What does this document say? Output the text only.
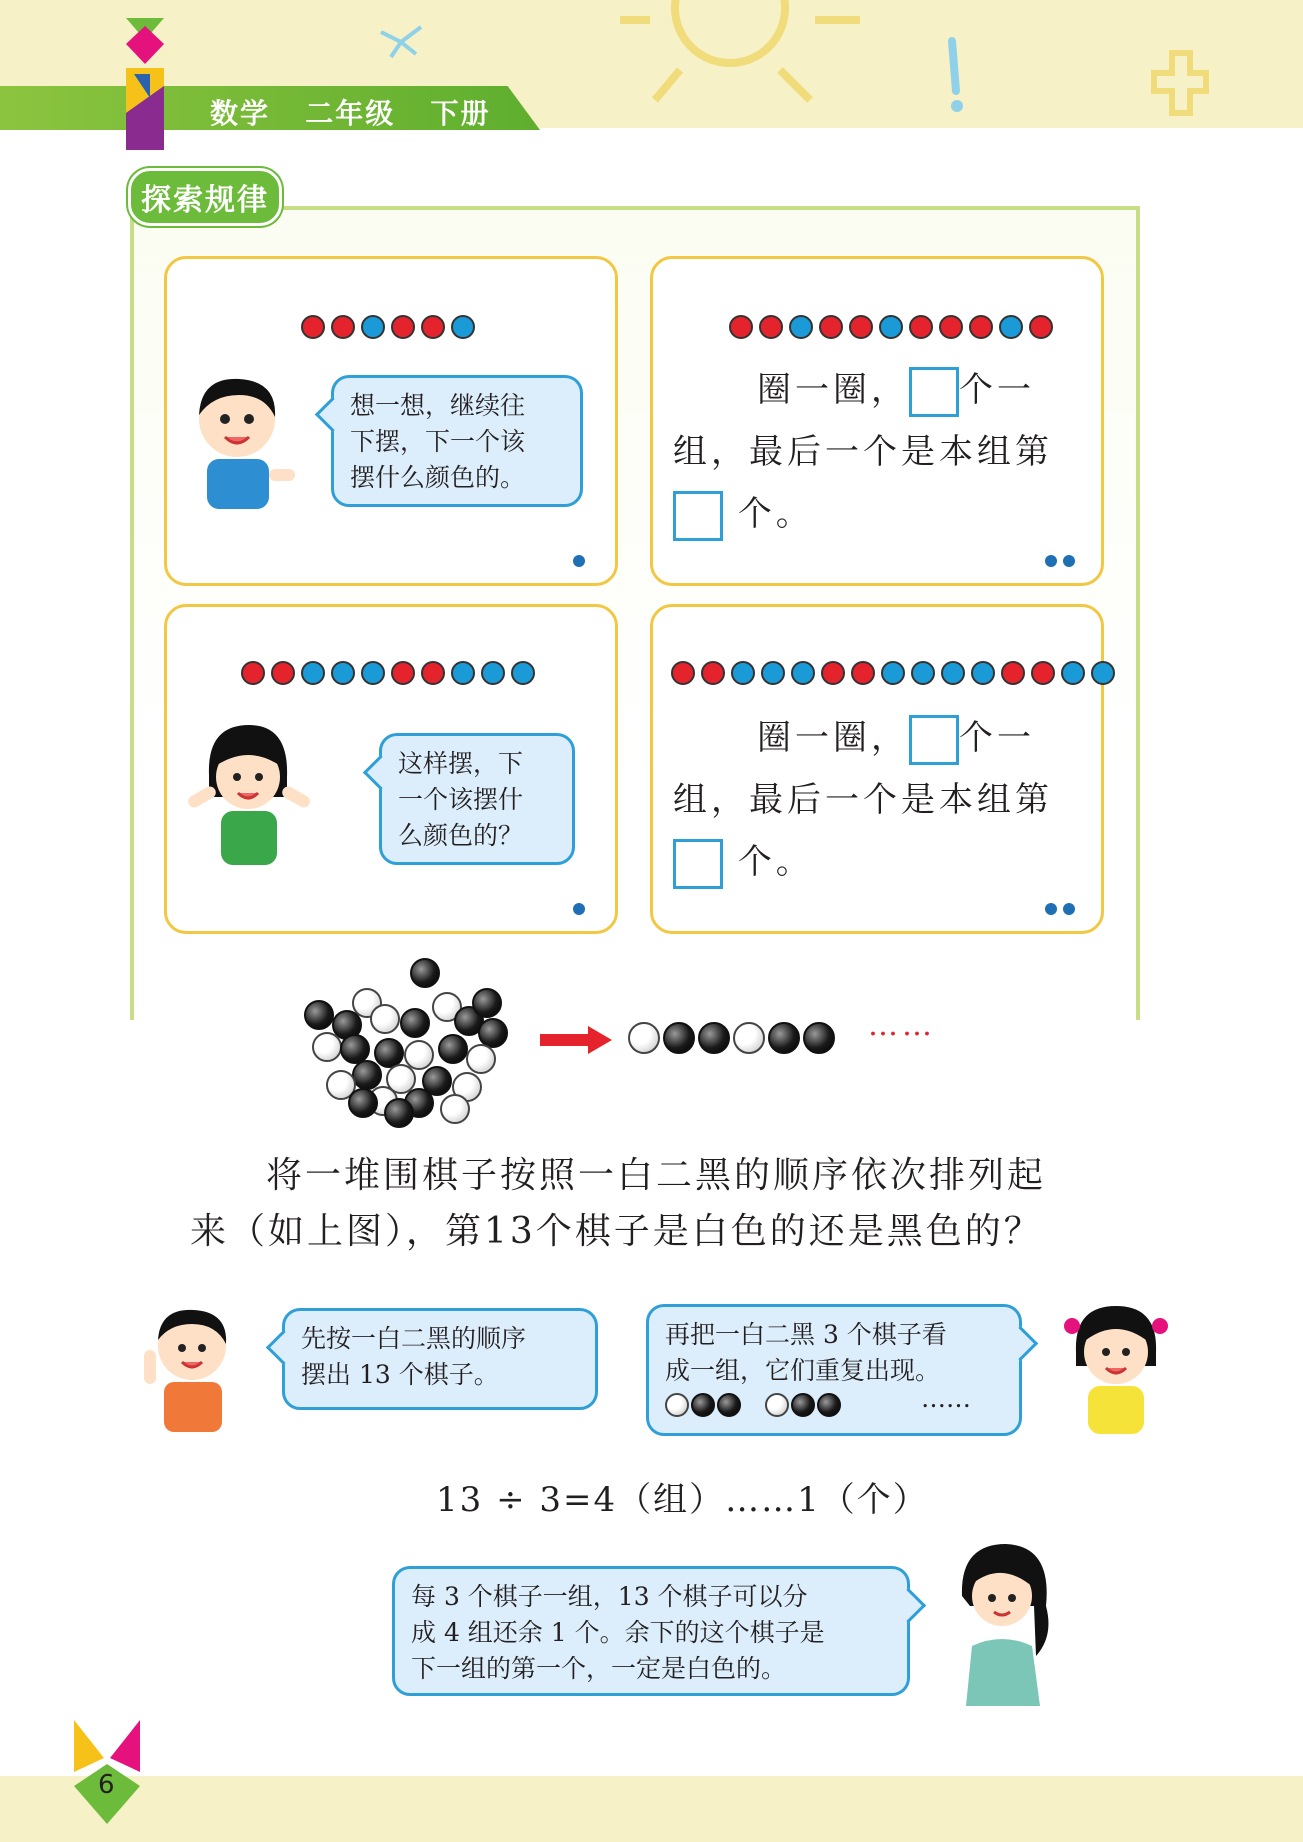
数学 二年级 下册
探索规律
想一想，继续往
下摆，下一个该
摆什么颜色的。
圈一圈， 个一
组，最后一个是本组第
个。
这样摆，下
一个该摆什
么颜色的？
圈一圈， 个一
组，最后一个是本组第
个。
……

将一堆围棋子按照一白二黑的顺序依次排列起

来（如上图），第13个棋子是白色的还是黑色的？

先按一白二黑的顺序
摆出 13 个棋子。
再把一白二黑 3 个棋子看
成一组，它们重复出现。
……
13 ÷ 3=4（组）……1（个）
每 3 个棋子一组，13 个棋子可以分
成 4 组还余 1 个。余下的这个棋子是
下一组的第一个，一定是白色的。
6
